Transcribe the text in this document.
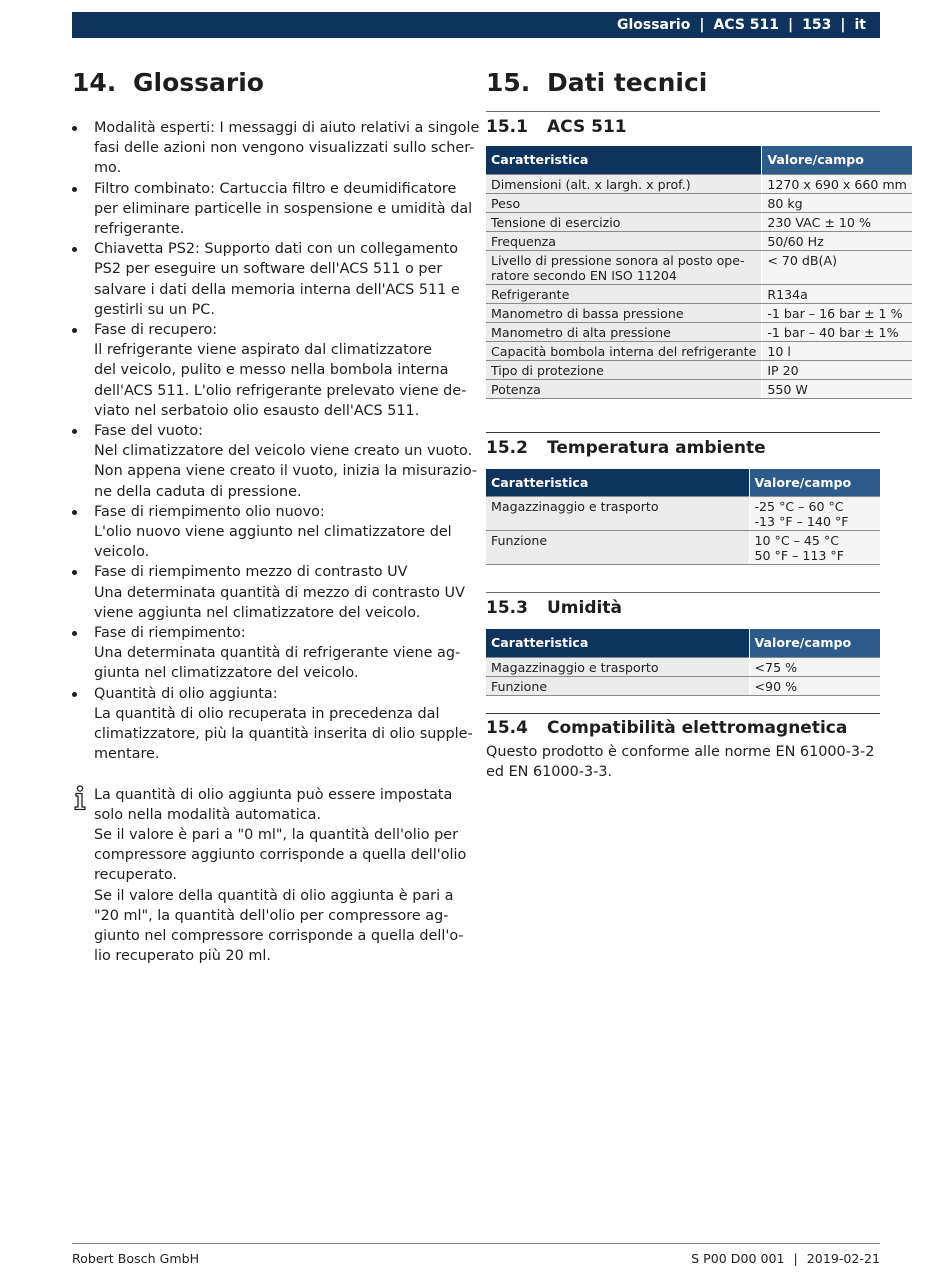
Glossario | ACS 511 | 153 | it
14. Glossario
Modalità esperti: I messaggi di aiuto relativi a singole
fasi delle azioni non vengono visualizzati sullo scher-
mo.
Filtro combinato: Cartuccia filtro e deumidificatore
per eliminare particelle in sospensione e umidità dal
refrigerante.
Chiavetta PS2: Supporto dati con un collegamento
PS2 per eseguire un software dell'ACS 511 o per
salvare i dati della memoria interna dell'ACS 511 e
gestirli su un PC.
Fase di recupero:
Il refrigerante viene aspirato dal climatizzatore
del veicolo, pulito e messo nella bombola interna
dell'ACS 511. L'olio refrigerante prelevato viene de-
viato nel serbatoio olio esausto dell'ACS 511.
Fase del vuoto:
Nel climatizzatore del veicolo viene creato un vuoto.
Non appena viene creato il vuoto, inizia la misurazio-
ne della caduta di pressione.
Fase di riempimento olio nuovo:
L'olio nuovo viene aggiunto nel climatizzatore del
veicolo.
Fase di riempimento mezzo di contrasto UV
Una determinata quantità di mezzo di contrasto UV
viene aggiunta nel climatizzatore del veicolo.
Fase di riempimento:
Una determinata quantità di refrigerante viene ag-
giunta nel climatizzatore del veicolo.
Quantità di olio aggiunta:
La quantità di olio recuperata in precedenza dal
climatizzatore, più la quantità inserita di olio supple-
mentare.
La quantità di olio aggiunta può essere impostata
solo nella modalità automatica.
Se il valore è pari a "0 ml", la quantità dell'olio per
compressore aggiunto corrisponde a quella dell'olio
recuperato.
Se il valore della quantità di olio aggiunta è pari a
"20 ml", la quantità dell'olio per compressore ag-
giunto nel compressore corrisponde a quella dell'o-
lio recuperato più 20 ml.
15. Dati tecnici
15.1	ACS 511
Caratteristica	Valore/campo
Dimensioni (alt. x largh. x prof.)	1270 x 690 x 660 mm
Peso	80 kg
Tensione di esercizio	230 VAC ± 10 %
Frequenza	50/60 Hz
Livello di pressione sonora al posto ope-
ratore secondo EN ISO 11204	< 70 dB(A)
Refrigerante	R134a
Manometro di bassa pressione	-1 bar – 16 bar ± 1 %
Manometro di alta pressione	-1 bar – 40 bar ± 1%
Capacità bombola interna del refrigerante	10 l
Tipo di protezione	IP 20
Potenza	550 W
15.2	Temperatura ambiente
Caratteristica	Valore/campo
Magazzinaggio e trasporto	-25 °C – 60 °C
-13 °F – 140 °F
Funzione	10 °C – 45 °C
50 °F – 113 °F
15.3	Umidità
Caratteristica	Valore/campo
Magazzinaggio e trasporto	<75 %
Funzione	<90 %
15.4	Compatibilità elettromagnetica
Questo prodotto è conforme alle norme EN 61000-3-2
ed EN 61000-3-3.
Robert Bosch GmbH	S P00 D00 001 | 2019-02-21
